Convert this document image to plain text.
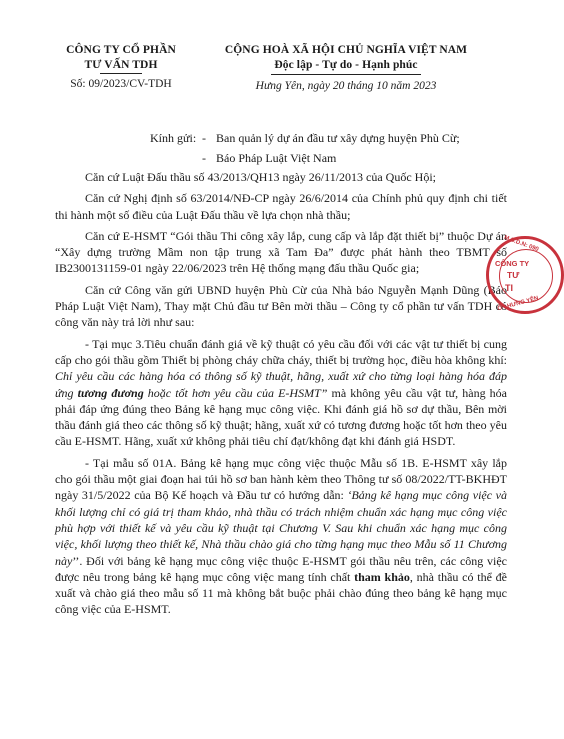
CÔNG TY CỔ PHẦN
TƯ VẤN TDH
Số: 09/2023/CV-TDH
CỘNG HOÀ XÃ HỘI CHỦ NGHĨA VIỆT NAM
Độc lập - Tự do - Hạnh phúc
Hưng Yên, ngày 20 tháng 10 năm 2023
Kính gửi: - Ban quản lý dự án đầu tư xây dựng huyện Phù Cừ;
- Báo Pháp Luật Việt Nam

Căn cứ Luật Đấu thầu số 43/2013/QH13 ngày 26/11/2013 của Quốc Hội;

Căn cứ Nghị định số 63/2014/NĐ-CP ngày 26/6/2014 của Chính phủ quy định chi tiết thi hành một số điều của Luật Đấu thầu về lựa chọn nhà thầu;

Căn cứ E-HSMT “Gói thầu Thi công xây lắp, cung cấp và lắp đặt thiết bị” thuộc Dự án “Xây dựng trường Mầm non tập trung xã Tam Đa” được phát hành theo TBMT số IB2300131159-01 ngày 22/06/2023 trên Hệ thống mạng đấu thầu Quốc gia;

Căn cứ Công văn gửi UBND huyện Phù Cừ của Nhà báo Nguyễn Mạnh Dũng (Báo Pháp Luật Việt Nam), Thay mặt Chủ đầu tư Bên mời thầu – Công ty cổ phần tư vấn TDH có công văn này trả lời như sau:

- Tại mục 3.Tiêu chuẩn đánh giá về kỹ thuật có yêu cầu đối với các vật tư thiết bị cung cấp cho gói thầu gồm Thiết bị phòng cháy chữa cháy, thiết bị trường học, điều hòa không khí: Chỉ yêu cầu các hàng hóa có thông số kỹ thuật, hãng, xuất xứ cho từng loại hàng hóa đáp ứng tương đương hoặc tốt hơn yêu cầu của E-HSMT” mà không yêu cầu vật tư, hàng hóa phải đáp ứng đúng theo Bảng kê hạng mục công việc. Khi đánh giá hồ sơ dự thầu, Bên mời thầu đánh giá theo các thông số kỹ thuật; hãng, xuất xứ có tương đương hoặc tốt hơn theo yêu cầu E-HSMT. Hãng, xuất xứ không phải tiêu chí đạt/không đạt khi đánh giá HSDT.

- Tại mẫu số 01A. Bảng kê hạng mục công việc thuộc Mẫu số 1B. E-HSMT xây lắp cho gói thầu một giai đoạn hai túi hồ sơ ban hành kèm theo Thông tư số 08/2022/TT-BKHĐT ngày 31/5/2022 của Bộ Kế hoạch và Đầu tư có hướng dẫn: ‘Bảng kê hạng mục công việc và khối lượng chỉ có giá trị tham khảo, nhà thầu có trách nhiệm chuẩn xác hạng mục công việc phù hợp với thiết kế và yêu cầu kỹ thuật tại Chương V. Sau khi chuẩn xác hạng mục công việc, khối lượng theo thiết kế, Nhà thầu chào giá cho từng hạng mục theo Mẫu số 11 Chương này’’. Đối với bảng kê hạng mục công việc thuộc E-HSMT gói thầu nêu trên, các công việc được nêu trong bảng kê hạng mục công việc mang tính chất tham khảo, nhà thầu có thể đề xuất và chào giá theo mẫu số 11 mà không bắt buộc phải chào đúng theo bảng kê hạng mục công việc của E-HSMT.

M.S.D.N: 090
CÔNG TY
TƯ
TI
Ô - HƯNG YÊN
